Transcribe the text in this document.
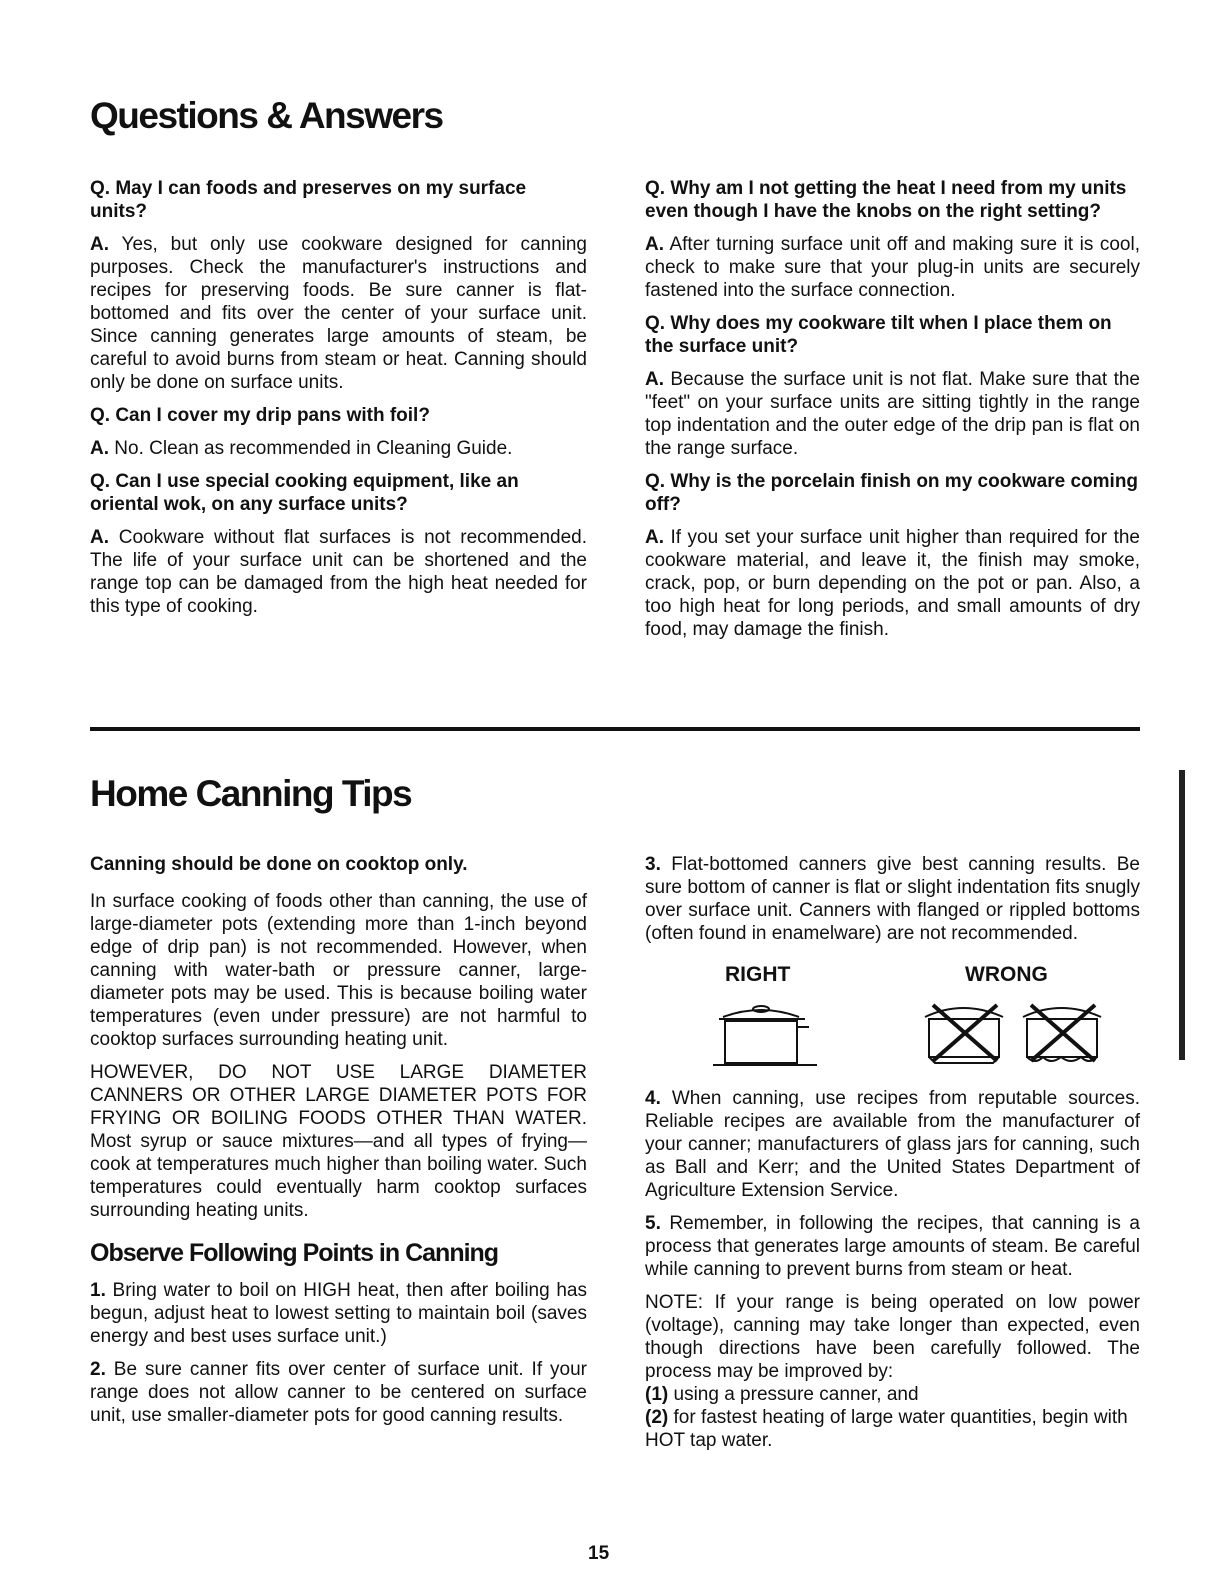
Questions & Answers

Q. May I can foods and preserves on my surface units?

A. Yes, but only use cookware designed for canning purposes. Check the manufacturer's instructions and recipes for preserving foods. Be sure canner is flat-bottomed and fits over the center of your surface unit. Since canning generates large amounts of steam, be careful to avoid burns from steam or heat. Canning should only be done on surface units.

Q. Can I cover my drip pans with foil?

A. No. Clean as recommended in Cleaning Guide.

Q. Can I use special cooking equipment, like an oriental wok, on any surface units?

A. Cookware without flat surfaces is not recommended. The life of your surface unit can be shortened and the range top can be damaged from the high heat needed for this type of cooking.

Q. Why am I not getting the heat I need from my units even though I have the knobs on the right setting?

A. After turning surface unit off and making sure it is cool, check to make sure that your plug-in units are securely fastened into the surface connection.

Q. Why does my cookware tilt when I place them on the surface unit?

A. Because the surface unit is not flat. Make sure that the "feet" on your surface units are sitting tightly in the range top indentation and the outer edge of the drip pan is flat on the range surface.

Q. Why is the porcelain finish on my cookware coming off?

A. If you set your surface unit higher than required for the cookware material, and leave it, the finish may smoke, crack, pop, or burn depending on the pot or pan. Also, a too high heat for long periods, and small amounts of dry food, may damage the finish.

Home Canning Tips

Canning should be done on cooktop only.

In surface cooking of foods other than canning, the use of large-diameter pots (extending more than 1-inch beyond edge of drip pan) is not recommended. However, when canning with water-bath or pressure canner, large-diameter pots may be used. This is because boiling water temperatures (even under pressure) are not harmful to cooktop surfaces surrounding heating unit.

HOWEVER, DO NOT USE LARGE DIAMETER CANNERS OR OTHER LARGE DIAMETER POTS FOR FRYING OR BOILING FOODS OTHER THAN WATER. Most syrup or sauce mixtures—and all types of frying—cook at temperatures much higher than boiling water. Such temperatures could eventually harm cooktop surfaces surrounding heating units.

Observe Following Points in Canning

1. Bring water to boil on HIGH heat, then after boiling has begun, adjust heat to lowest setting to maintain boil (saves energy and best uses surface unit.)

2. Be sure canner fits over center of surface unit. If your range does not allow canner to be centered on surface unit, use smaller-diameter pots for good canning results.

3. Flat-bottomed canners give best canning results. Be sure bottom of canner is flat or slight indentation fits snugly over surface unit. Canners with flanged or rippled bottoms (often found in enamelware) are not recommended.

RIGHT	WRONG

4. When canning, use recipes from reputable sources. Reliable recipes are available from the manufacturer of your canner; manufacturers of glass jars for canning, such as Ball and Kerr; and the United States Department of Agriculture Extension Service.

5. Remember, in following the recipes, that canning is a process that generates large amounts of steam. Be careful while canning to prevent burns from steam or heat.

NOTE: If your range is being operated on low power (voltage), canning may take longer than expected, even though directions have been carefully followed. The process may be improved by:

(1) using a pressure canner, and
(2) for fastest heating of large water quantities, begin with HOT tap water.
15
